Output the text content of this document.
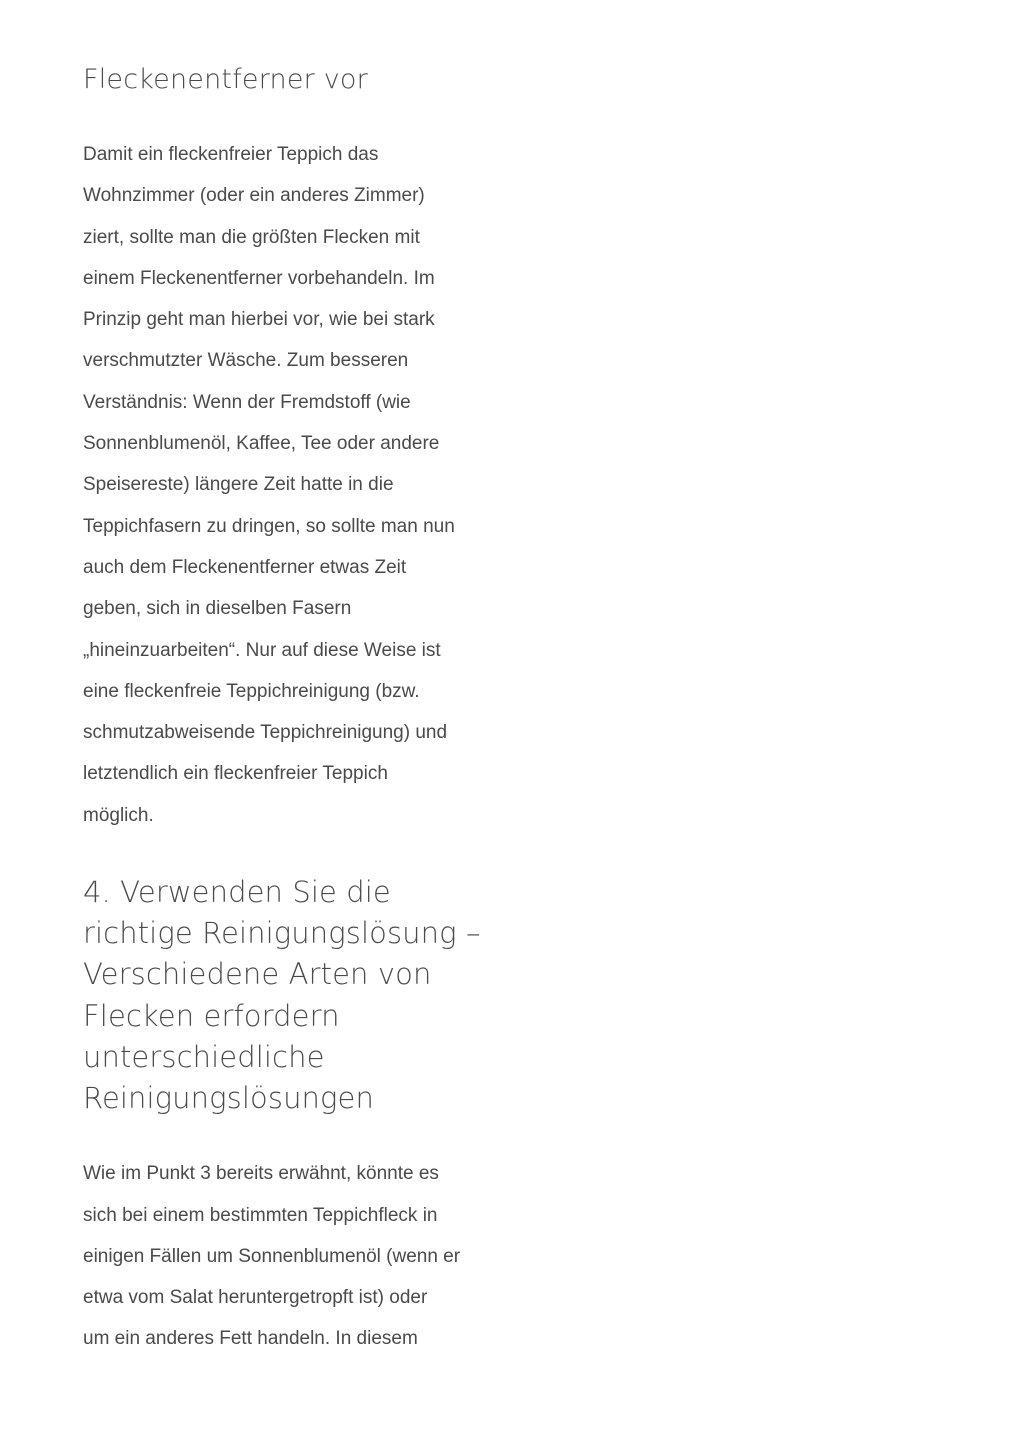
Fleckenentferner vor

Damit ein fleckenfreier Teppich das
Wohnzimmer (oder ein anderes Zimmer)
ziert, sollte man die größten Flecken mit
einem Fleckenentferner vorbehandeln. Im
Prinzip geht man hierbei vor, wie bei stark
verschmutzter Wäsche. Zum besseren
Verständnis: Wenn der Fremdstoff (wie
Sonnenblumenöl, Kaffee, Tee oder andere
Speisereste) längere Zeit hatte in die
Teppichfasern zu dringen, so sollte man nun
auch dem Fleckenentferner etwas Zeit
geben, sich in dieselben Fasern
„hineinzuarbeiten“. Nur auf diese Weise ist
eine fleckenfreie Teppichreinigung (bzw.
schmutzabweisende Teppichreinigung) und
letztendlich ein fleckenfreier Teppich
möglich.

4. Verwenden Sie die
richtige Reinigungslösung –
Verschiedene Arten von
Flecken erfordern
unterschiedliche
Reinigungslösungen

Wie im Punkt 3 bereits erwähnt, könnte es
sich bei einem bestimmten Teppichfleck in
einigen Fällen um Sonnenblumenöl (wenn er
etwa vom Salat heruntergetropft ist) oder
um ein anderes Fett handeln. In diesem
